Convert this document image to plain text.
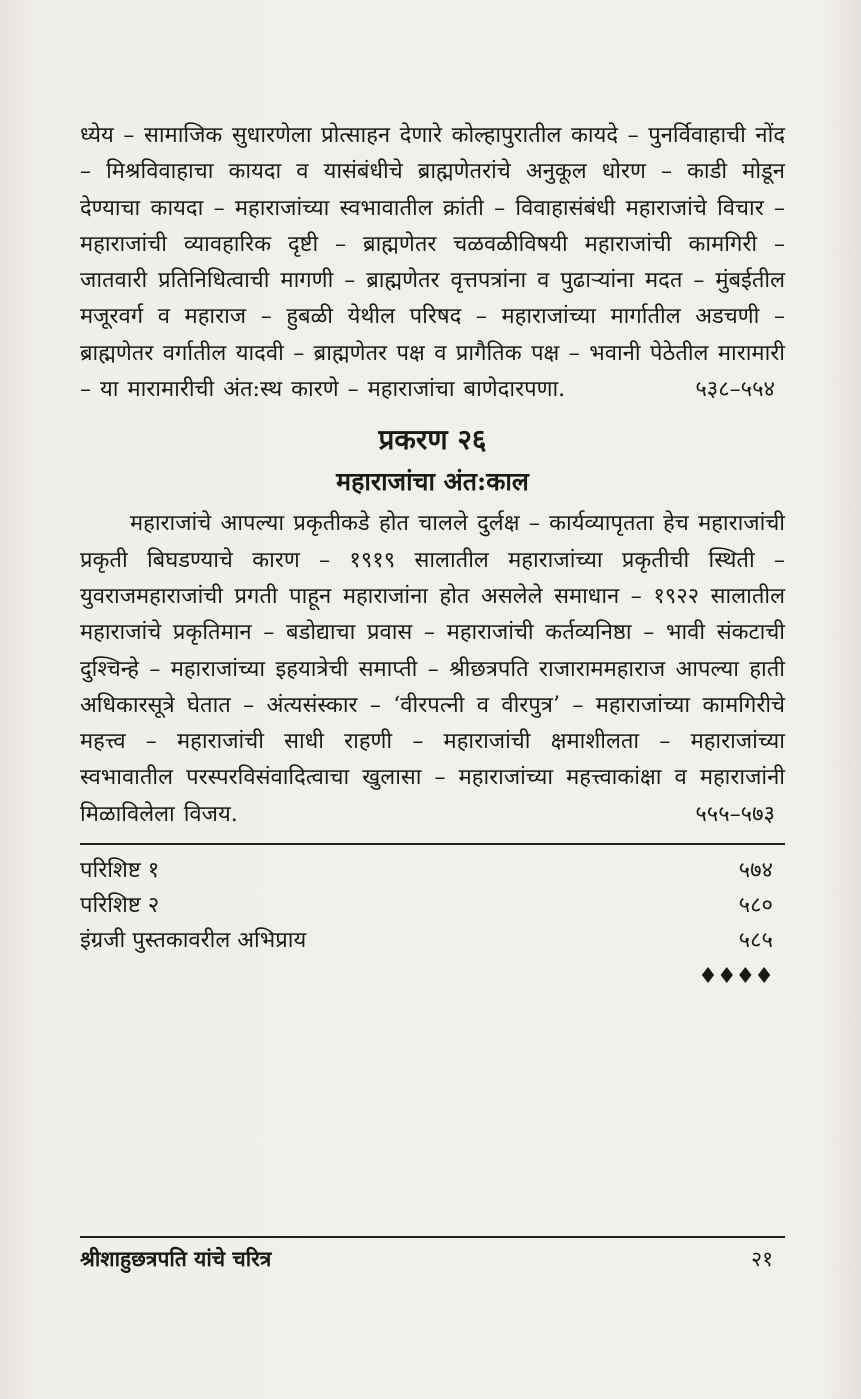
ध्येय – सामाजिक सुधारणेला प्रोत्साहन देणारे कोल्हापुरातील कायदे – पुनर्विवाहाची नोंद – मिश्रविवाहाचा कायदा व यासंबंधीचे ब्राह्मणेतरांचे अनुकूल धोरण – काडी मोडून देण्याचा कायदा – महाराजांच्या स्वभावातील क्रांती – विवाहासंबंधी महाराजांचे विचार – महाराजांची व्यावहारिक दृष्टी – ब्राह्मणेतर चळवळीविषयी महाराजांची कामगिरी – जातवारी प्रतिनिधित्वाची मागणी – ब्राह्मणेतर वृत्तपत्रांना व पुढाऱ्यांना मदत – मुंबईतील मजूरवर्ग व महाराज – हुबळी येथील परिषद – महाराजांच्या मार्गातील अडचणी – ब्राह्मणेतर वर्गातील यादवी – ब्राह्मणेतर पक्ष व प्रागैतिक पक्ष – भवानी पेठेतील मारामारी – या मारामारीची अंत:स्थ कारणे – महाराजांचा बाणेदारपणा.	५३८–५५४
प्रकरण २६
महाराजांचा अंत:काल

महाराजांचे आपल्या प्रकृतीकडे होत चालले दुर्लक्ष – कार्यव्यापृतता हेच महाराजांची प्रकृती बिघडण्याचे कारण – १९१९ सालातील महाराजांच्या प्रकृतीची स्थिती – युवराजमहाराजांची प्रगती पाहून महाराजांना होत असलेले समाधान – १९२२ सालातील महाराजांचे प्रकृतिमान – बडोद्याचा प्रवास – महाराजांची कर्तव्यनिष्ठा – भावी संकटाची दुश्चिन्हे – महाराजांच्या इहयात्रेची समाप्ती – श्रीछत्रपति राजाराममहाराज आपल्या हाती अधिकारसूत्रे घेतात – अंत्यसंस्कार – ‘वीरपत्नी व वीरपुत्र’ – महाराजांच्या कामगिरीचे महत्त्व – महाराजांची साधी राहणी – महाराजांची क्षमाशीलता – महाराजांच्या स्वभावातील परस्परविसंवादित्वाचा खुलासा – महाराजांच्या महत्त्वाकांक्षा व महाराजांनी मिळाविलेला विजय.	५५५–५७३
परिशिष्ट १	५७४
परिशिष्ट २	५८०
इंग्रजी पुस्तकावरील अभिप्राय	५८५
♦♦♦♦
श्रीशाहुछत्रपति यांचे चरित्र	२१
